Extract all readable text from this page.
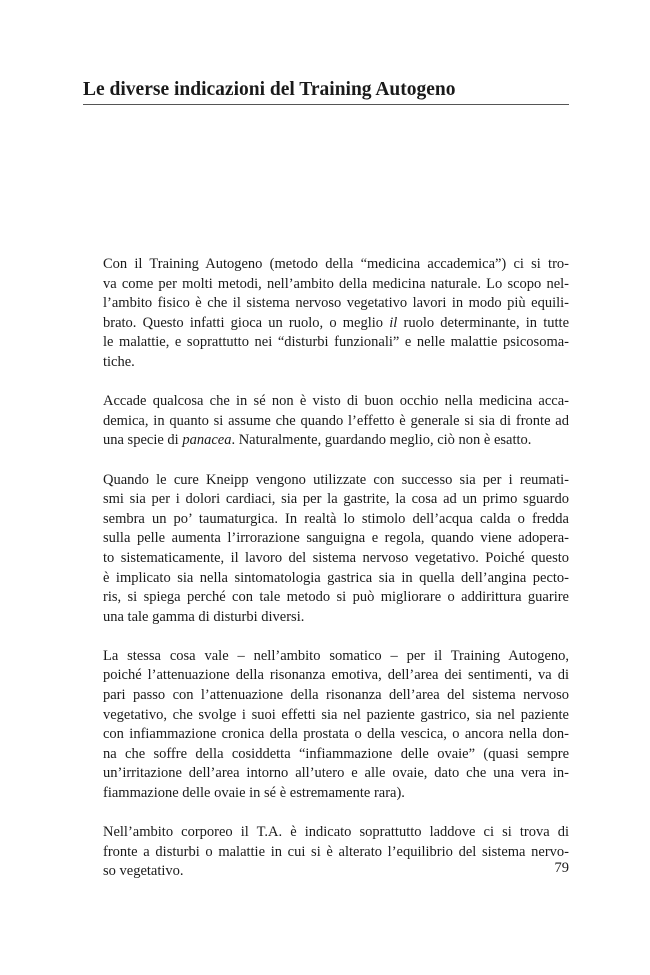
Le diverse indicazioni del Training Autogeno

Con il Training Autogeno (metodo della “medicina accademica”) ci si tro-
va come per molti metodi, nell’ambito della medicina naturale. Lo scopo nel-
l’ambito fisico è che il sistema nervoso vegetativo lavori in modo più equili-
brato. Questo infatti gioca un ruolo, o meglio il ruolo determinante, in tutte
le malattie, e soprattutto nei “disturbi funzionali” e nelle malattie psicosoma-
tiche.

Accade qualcosa che in sé non è visto di buon occhio nella medicina acca-
demica, in quanto si assume che quando l’effetto è generale si sia di fronte ad
una specie di panacea. Naturalmente, guardando meglio, ciò non è esatto.

Quando le cure Kneipp vengono utilizzate con successo sia per i reumati-
smi sia per i dolori cardiaci, sia per la gastrite, la cosa ad un primo sguardo
sembra un po’ taumaturgica. In realtà lo stimolo dell’acqua calda o fredda
sulla pelle aumenta l’irrorazione sanguigna e regola, quando viene adopera-
to sistematicamente, il lavoro del sistema nervoso vegetativo. Poiché questo
è implicato sia nella sintomatologia gastrica sia in quella dell’angina pecto-
ris, si spiega perché con tale metodo si può migliorare o addirittura guarire
una tale gamma di disturbi diversi.

La stessa cosa vale – nell’ambito somatico – per il Training Autogeno,
poiché l’attenuazione della risonanza emotiva, dell’area dei sentimenti, va di
pari passo con l’attenuazione della risonanza dell’area del sistema nervoso
vegetativo, che svolge i suoi effetti sia nel paziente gastrico, sia nel paziente
con infiammazione cronica della prostata o della vescica, o ancora nella don-
na che soffre della cosiddetta “infiammazione delle ovaie” (quasi sempre
un’irritazione dell’area intorno all’utero e alle ovaie, dato che una vera in-
fiammazione delle ovaie in sé è estremamente rara).

Nell’ambito corporeo il T.A. è indicato soprattutto laddove ci si trova di
fronte a disturbi o malattie in cui si è alterato l’equilibrio del sistema nervo-
so vegetativo.	79
